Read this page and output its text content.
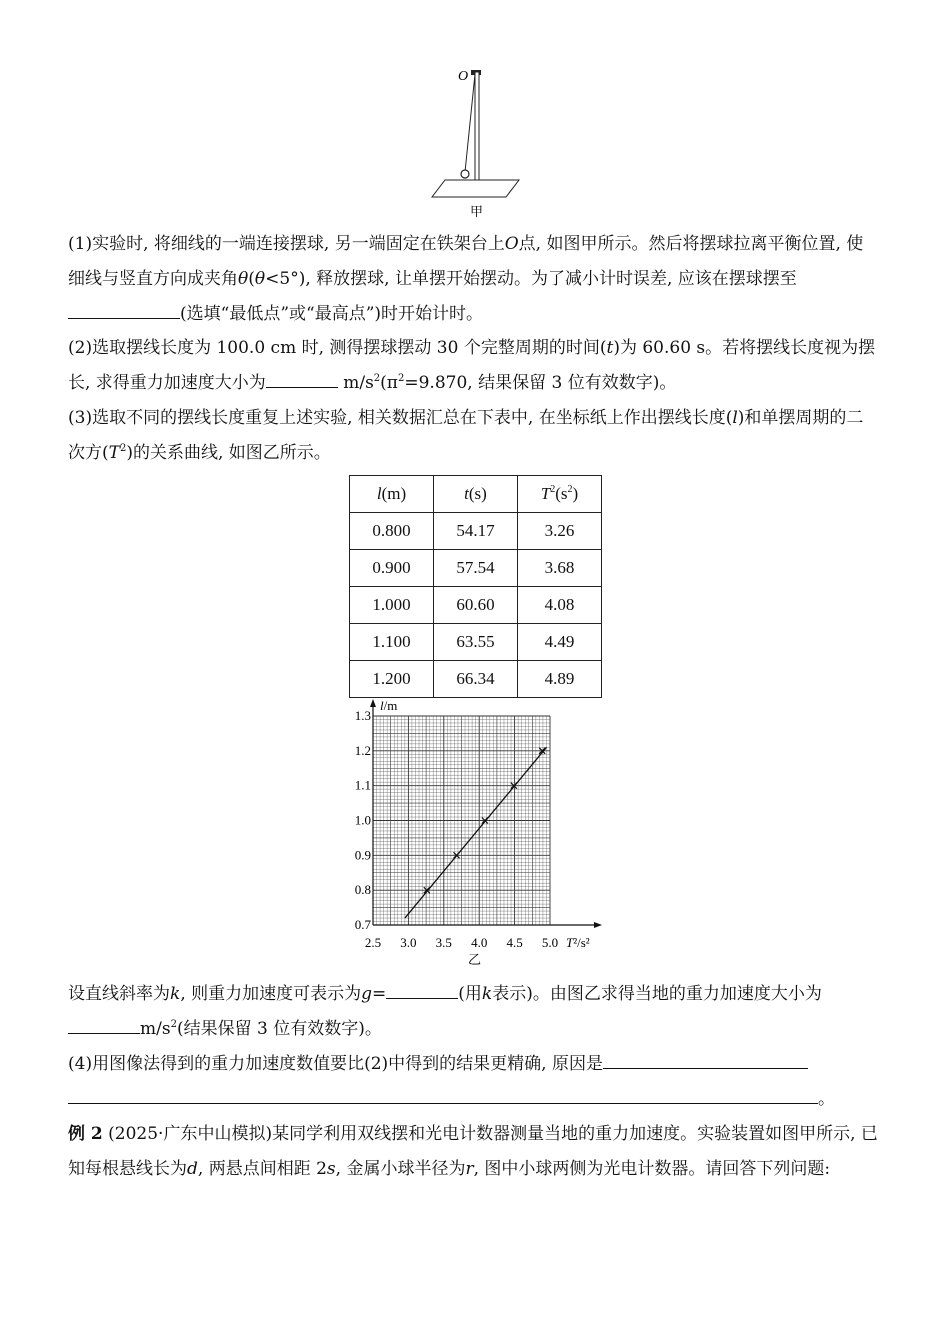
O
甲

(1)实验时, 将细线的一端连接摆球, 另一端固定在铁架台上O点, 如图甲所示。然后将摆球拉离平衡位置, 使细线与竖直方向成夹角θ(θ<5°), 释放摆球, 让单摆开始摆动。为了减小计时误差, 应该在摆球摆至(选填“最低点”或“最高点”)时开始计时。

(2)选取摆线长度为 100.0 cm 时, 测得摆球摆动 30 个完整周期的时间(t)为 60.60 s。若将摆线长度视为摆长, 求得重力加速度大小为	$m/s^2(\pi^2=9.870$, 结果保留 3 位有效数字)。

(3)选取不同的摆线长度重复上述实验, 相关数据汇总在下表中, 在坐标纸上作出摆线长度(l)和单摆周期的二次方$(T^2)$的关系曲线, 如图乙所示。

l(m)	t(s)	$T^2(s^2)$
0.800	54.17	3.26
0.900	57.54	3.68
1.000	60.60	4.08
1.100	63.55	4.49
1.200	66.34	4.89
2.5 3.0 3.5 4.0 4.5 5.0
0.7
0.8
0.9
1.0
1.1
1.2
1.3
l/m
T²/s²
乙

设直线斜率为k, 则重力加速度可表示为g=	(用k表示)。由图乙求得当地的重力加速度大小为$m/s^2$(结果保留 3 位有效数字)。

(4)用图像法得到的重力加速度数值要比(2)中得到的结果更精确, 原因是
。

例 2 (2025·广东中山模拟)某同学利用双线摆和光电计数器测量当地的重力加速度。实验装置如图甲所示, 已知每根悬线长为d, 两悬点间相距 2s, 金属小球半径为r, 图中小球两侧为光电计数器。请回答下列问题:
